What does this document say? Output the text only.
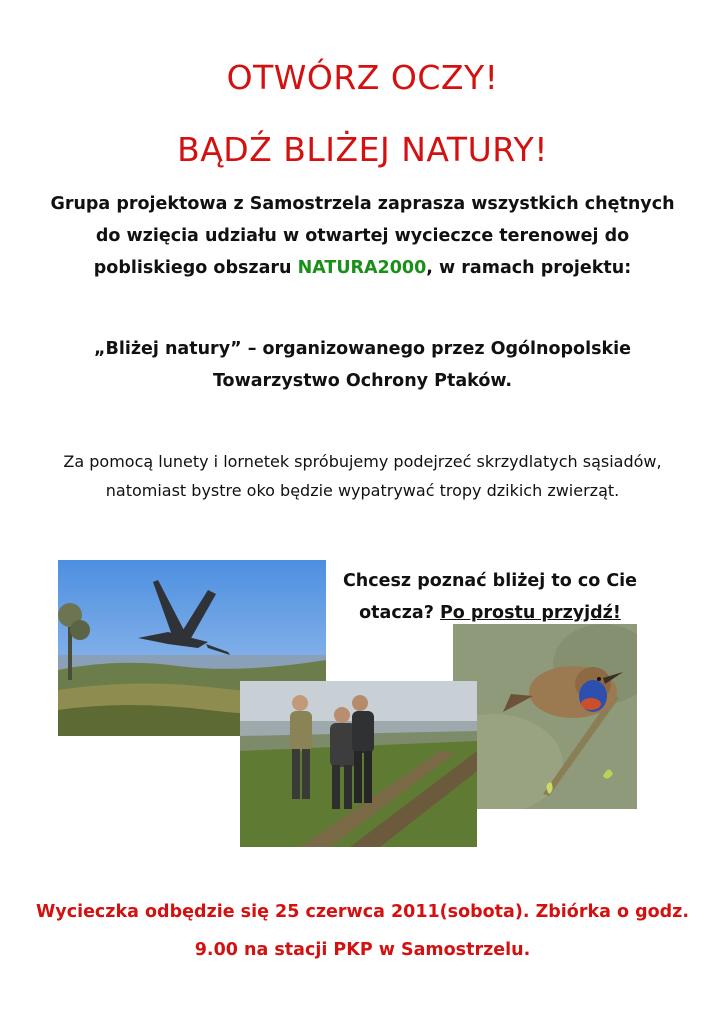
OTWÓRZ OCZY!
BĄDŹ BLIŻEJ NATURY!

Grupa projektowa z Samostrzela zaprasza wszystkich chętnych do wzięcia udziału w otwartej wycieczce terenowej do pobliskiego obszaru NATURA2000, w ramach projektu:

„Bliżej natury” – organizowanego przez Ogólnopolskie Towarzystwo Ochrony Ptaków.

Za pomocą lunety i lornetek spróbujemy podejrzeć skrzydlatych sąsiadów, natomiast bystre oko będzie wypatrywać tropy dzikich zwierząt.

Chcesz poznać bliżej to co Cie otacza? Po prostu przyjdź!

Wycieczka odbędzie się 25 czerwca 2011(sobota). Zbiórka o godz. 9.00 na stacji PKP w Samostrzelu.
